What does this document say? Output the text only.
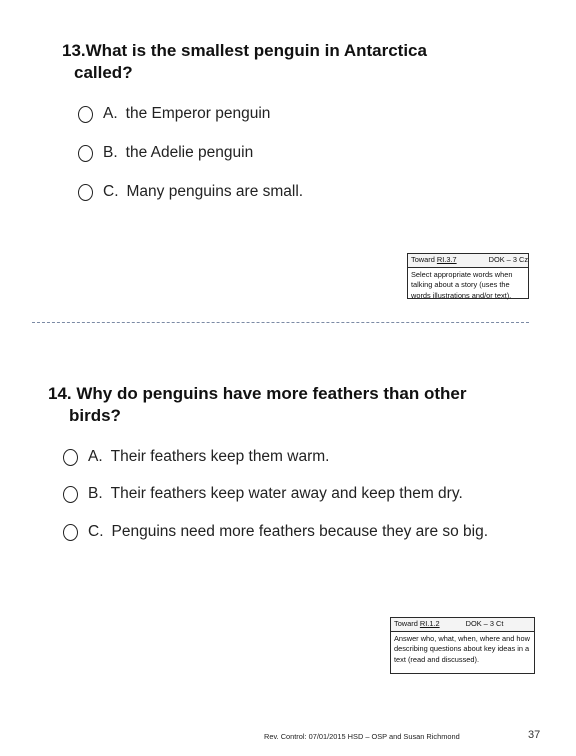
13.What is the smallest penguin in Antarctica
called?
A. the Emperor penguin
B. the Adelie penguin
C. Many penguins are small.
Toward RI.3.7	DOK – 3 Cz
Select appropriate words when talking about a story (uses the words illustrations and/or text).
14. Why do penguins have more feathers than other
birds?
A. Their feathers keep them warm.
B. Their feathers keep water away and keep them dry.
C. Penguins need more feathers because they are so big.
Toward RI.1.2	DOK – 3 Ct
Answer who, what, when, where and how describing questions about key ideas in a text (read and discussed).
Rev. Control: 07/01/2015 HSD – OSP and Susan Richmond	37
